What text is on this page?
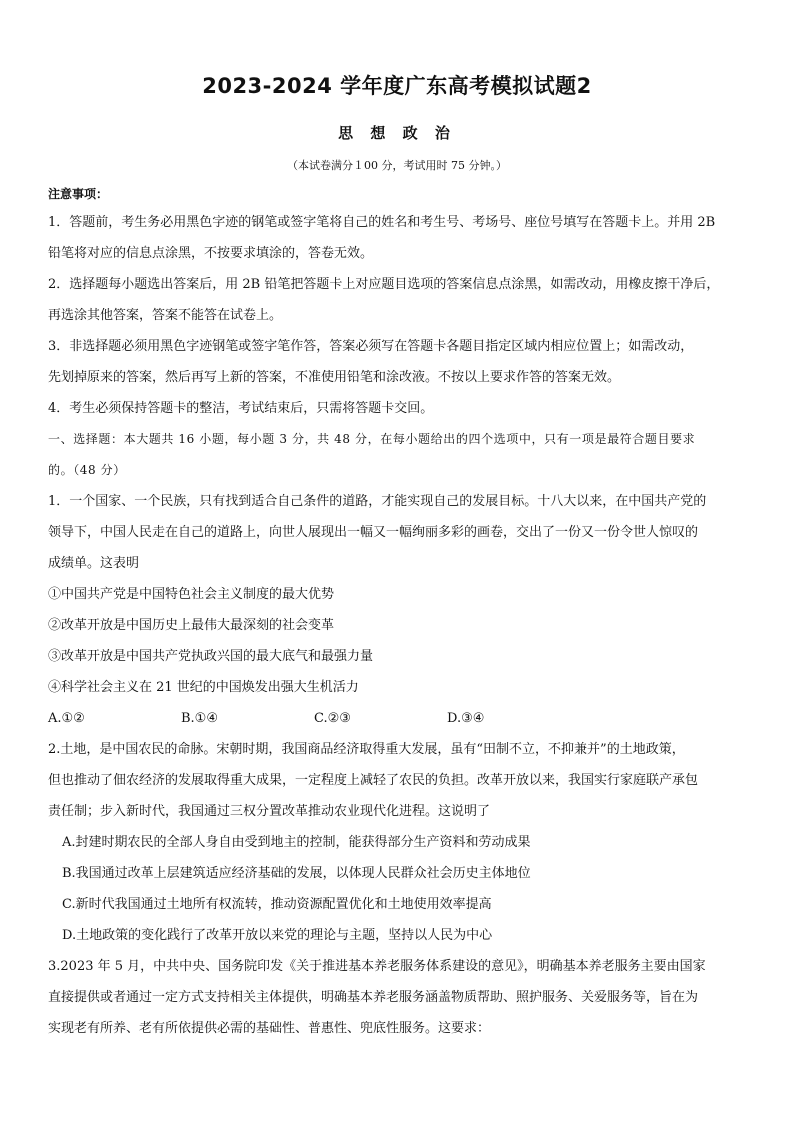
2023-2024 学年度广东高考模拟试题2
思 想 政 治
（本试卷满分１00 分，考试用时 75 分钟。）

注意事项：

1．答题前，考生务必用黑色字迹的钢笔或签字笔将自己的姓名和考生号、考场号、座位号填写在答题卡上。并用 2B

铅笔将对应的信息点涂黑，不按要求填涂的，答卷无效。

2．选择题每小题选出答案后，用 2B 铅笔把答题卡上对应题目选项的答案信息点涂黑，如需改动，用橡皮擦干净后，

再选涂其他答案，答案不能答在试卷上。

3．非选择题必须用黑色字迹钢笔或签字笔作答，答案必须写在答题卡各题目指定区域内相应位置上；如需改动，

先划掉原来的答案，然后再写上新的答案，不准使用铅笔和涂改液。不按以上要求作答的答案无效。

4．考生必须保持答题卡的整洁，考试结束后，只需将答题卡交回。

一、选择题：本大题共 16 小题，每小题 3 分，共 48 分，在每小题给出的四个选项中，只有一项是最符合题目要求

的。（48 分）

1．一个国家、一个民族，只有找到适合自己条件的道路，才能实现自己的发展目标。十八大以来，在中国共产党的

领导下，中国人民走在自己的道路上，向世人展现出一幅又一幅绚丽多彩的画卷，交出了一份又一份令世人惊叹的

成绩单。这表明

①中国共产党是中国特色社会主义制度的最大优势

②改革开放是中国历史上最伟大最深刻的社会变革

③改革开放是中国共产党执政兴国的最大底气和最强力量

④科学社会主义在 21 世纪的中国焕发出强大生机活力

A.①②	B.①④	C.②③	D.③④

2.土地，是中国农民的命脉。宋朝时期，我国商品经济取得重大发展，虽有“田制不立，不抑兼并”的土地政策，

但也推动了佃农经济的发展取得重大成果，一定程度上减轻了农民的负担。改革开放以来，我国实行家庭联产承包

责任制；步入新时代，我国通过三权分置改革推动农业现代化进程。这说明了

A.封建时期农民的全部人身自由受到地主的控制，能获得部分生产资料和劳动成果

B.我国通过改革上层建筑适应经济基础的发展，以体现人民群众社会历史主体地位

C.新时代我国通过土地所有权流转，推动资源配置优化和土地使用效率提高

D.土地政策的变化践行了改革开放以来党的理论与主题，坚持以人民为中心

3.2023 年 5 月，中共中央、国务院印发《关于推进基本养老服务体系建设的意见》，明确基本养老服务主要由国家

直接提供或者通过一定方式支持相关主体提供，明确基本养老服务涵盖物质帮助、照护服务、关爱服务等，旨在为

实现老有所养、老有所依提供必需的基础性、普惠性、兜底性服务。这要求：
